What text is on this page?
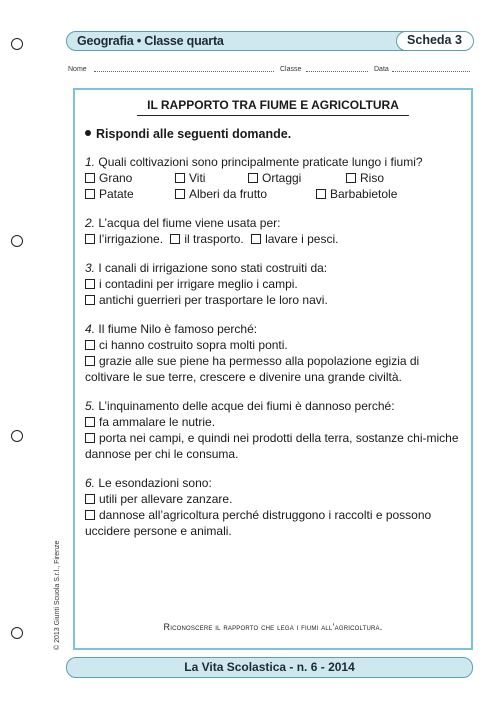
Geografia • Classe quarta	Scheda 3
Nome	Classe	Data
IL RAPPORTO TRA FIUME E AGRICOLTURA
Rispondi alle seguenti domande.
1. Quali coltivazioni sono principalmente praticate lungo i fiumi?
Grano	Viti	Ortaggi	Riso
Patate	Alberi da frutto	Barbabietole
2. L’acqua del fiume viene usata per:
l’irrigazione. il trasporto. lavare i pesci.
3. I canali di irrigazione sono stati costruiti da:
i contadini per irrigare meglio i campi.
antichi guerrieri per trasportare le loro navi.
4. Il fiume Nilo è famoso perché:
ci hanno costruito sopra molti ponti.
grazie alle sue piene ha permesso alla popolazione egizia di coltivare le sue terre, crescere e divenire una grande civiltà.
5. L’inquinamento delle acque dei fiumi è dannoso perché:
fa ammalare le nutrie.
porta nei campi, e quindi nei prodotti della terra, sostanze chi-miche dannose per chi le consuma.
6. Le esondazioni sono:
utili per allevare zanzare.
dannose all’agricoltura perché distruggono i raccolti e possono uccidere persone e animali.
Riconoscere il rapporto che lega i fiumi all’agricoltura.
© 2013 Giunti Scuola S.r.l., Firenze
La Vita Scolastica - n. 6 - 2014
